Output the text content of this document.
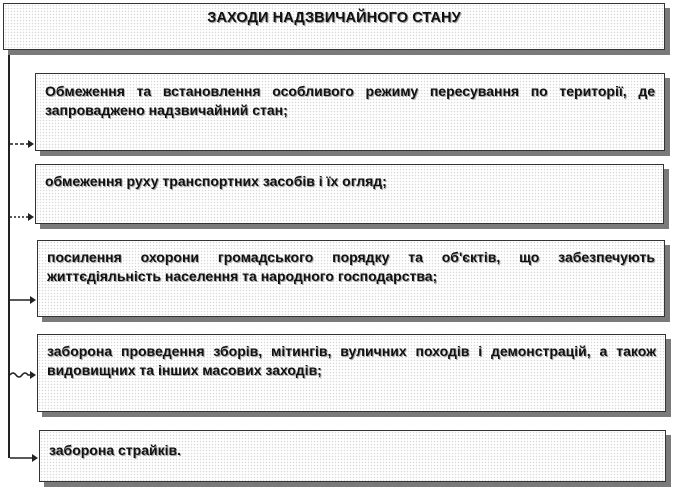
ЗАХОДИ НАДЗВИЧАЙНОГО СТАНУ
Обмеження та встановлення особливого режиму пересування по території, де запроваджено надзвичайний стан;
обмеження руху транспортних засобів і їх огляд;
посилення охорони громадського порядку та об'єктів, що забезпечують життєдіяльність населення та народного господарства;
заборона проведення зборів, мітингів, вуличних походів і демонстрацій, а також видовищних та інших масових заходів;
заборона страйків.
